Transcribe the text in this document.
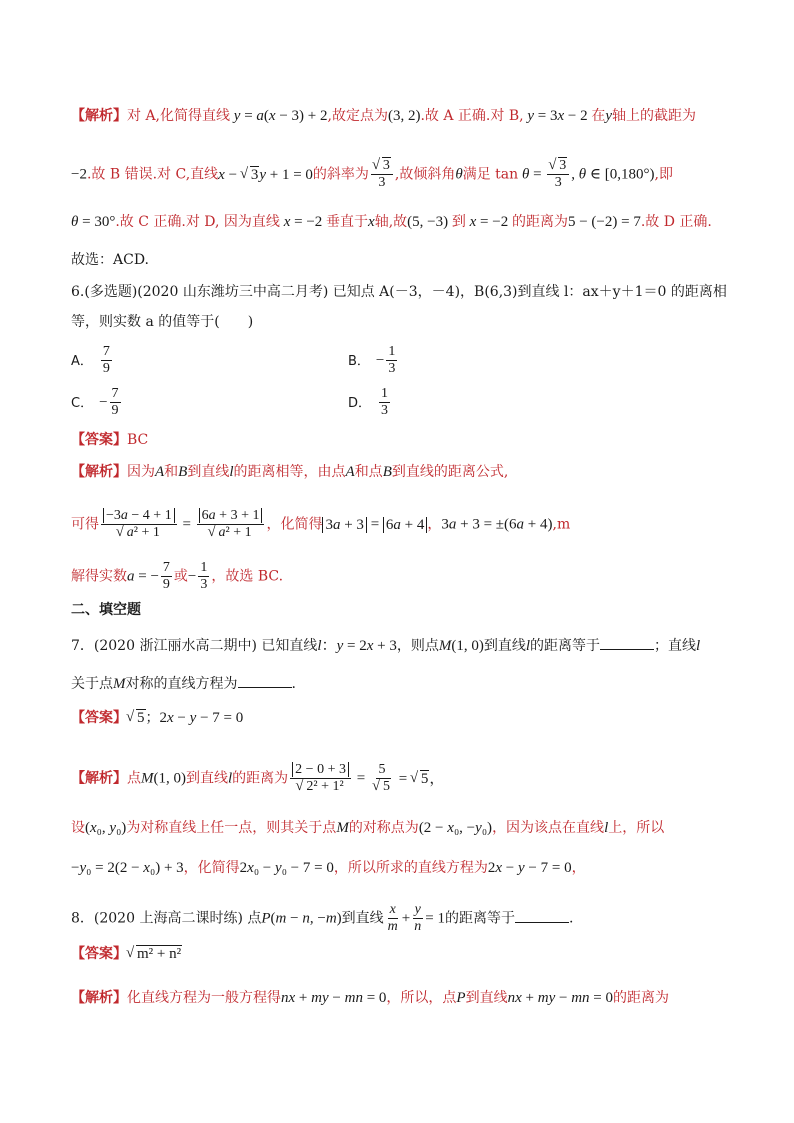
【解析】对 A,化简得直线 y = a(x − 3) + 2,故定点为(3, 2).故 A 正确.对 B, y = 3x − 2 在y轴上的截距为
−2.故 B 错误.对 C,直线x − √ 3y + 1 = 0的斜率为 √ $\frac{3}{3}$ ,故倾斜角θ满足 tan θ = √ $\frac{3}{3}$ , θ ∈ [0,180°),即
θ = 30°.故 C 正确.对 D, 因为直线 x = −2 垂直于x轴,故(5, −3) 到 x = −2 的距离为5 − (−2) = 7.故 D 正确.
故选：ACD.
6.(多选题)(2020 山东潍坊三中高二月考) 已知点 A(－3，－4)，B(6,3)到直线 l：ax＋y＋1＝0 的距离相
等，则实数 a 的值等于(　　)
A． $\frac{7}{9}$	B． − $\frac{1}{3}$
C． − $\frac{7}{9}$	D． $\frac{1}{3}$
【答案】BC
【解析】因为A和B到直线l的距离相等，由点A和点B到直线的距离公式,
可得 −3a − 4 + 1
√ a² + 1 = 6a + 3 + 1
√ a² + 1 ，化简得 3a + 3 = 6a + 4 ，3a + 3 = ±(6a + 4),m
解得实数a = − $\frac{7}{9}$ 或− $\frac{1}{3}$ ，故选 BC.
二、填空题
7．(2020 浙江丽水高二期中) 已知直线l：y = 2x + 3，则点M(1, 0)到直线l的距离等于	；直线l
关于点M对称的直线方程为	.
【答案】 √ 5；2x − y − 7 = 0
【解析】点M(1, 0)到直线l的距离为 2 − 0 + 3
√ 2² + 1² = 5
√ 5 = √ 5，
设(x₀, y₀)为对称直线上任一点，则其关于点M的对称点为(2 − x₀, −y₀)，因为该点在直线l上，所以
−y₀ = 2(2 − x₀) + 3，化简得2x₀ − y₀ − 7 = 0，所以所求的直线方程为2x − y − 7 = 0，
8．(2020 上海高二课时练) 点P(m − n, −m)到直线 $\frac{x}{m} + \frac{y}{n} = 1$的距离等于	.
【答案】 √ m² + n²
【解析】化直线方程为一般方程得nx + my − mn = 0，所以，点P到直线nx + my − mn = 0的距离为
